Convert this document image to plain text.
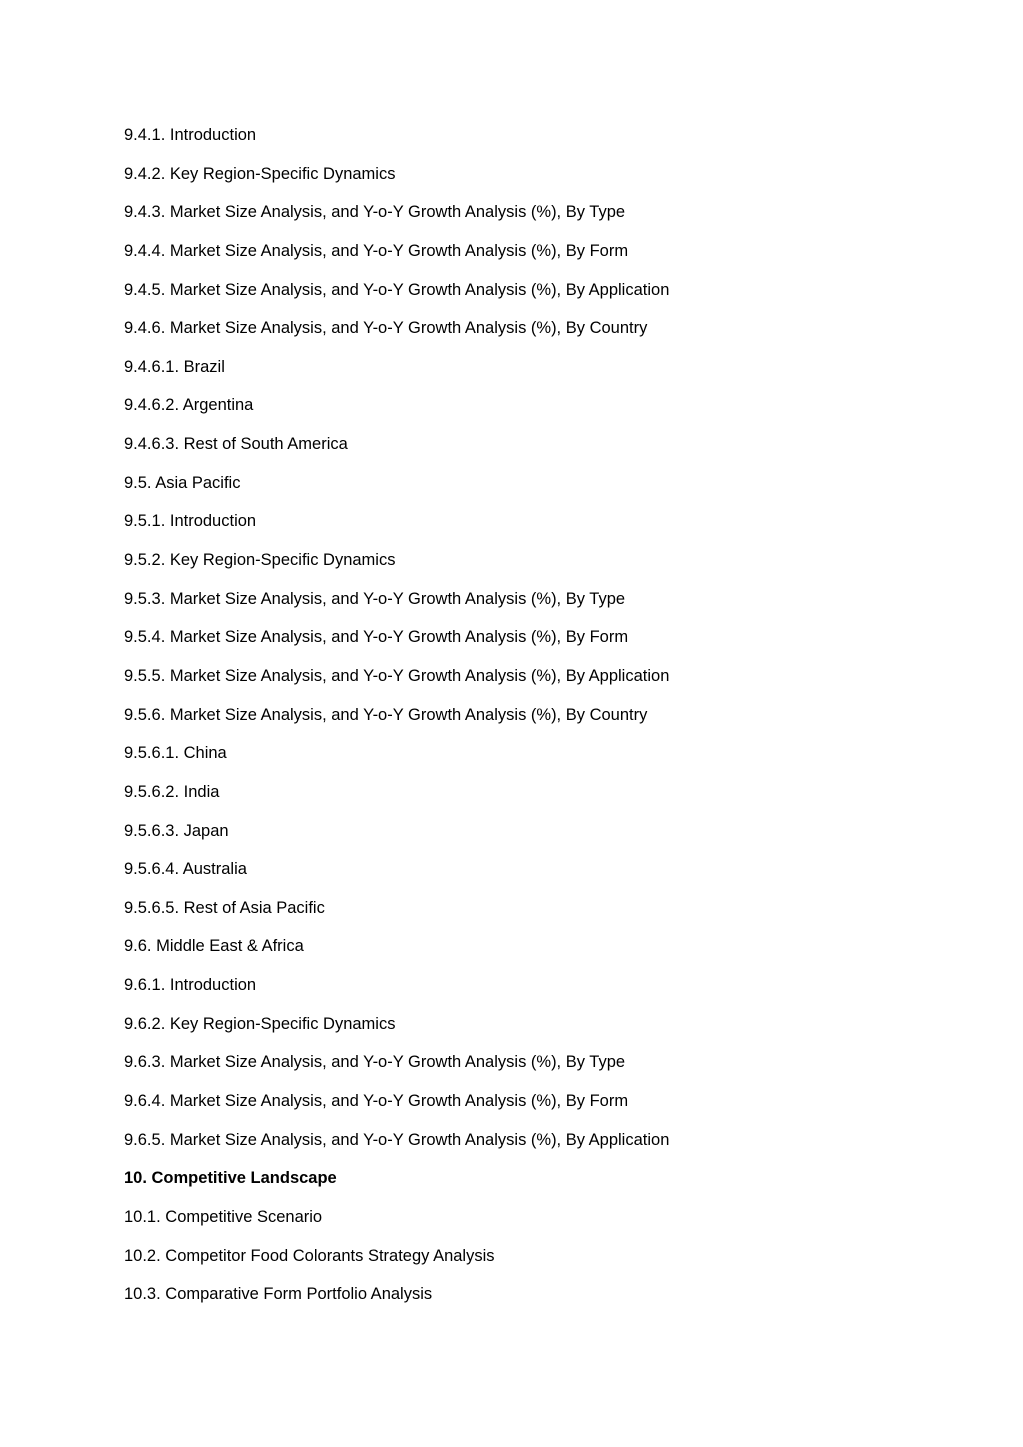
9.4.1. Introduction
9.4.2. Key Region-Specific Dynamics
9.4.3. Market Size Analysis, and Y-o-Y Growth Analysis (%), By Type
9.4.4. Market Size Analysis, and Y-o-Y Growth Analysis (%), By Form
9.4.5. Market Size Analysis, and Y-o-Y Growth Analysis (%), By Application
9.4.6. Market Size Analysis, and Y-o-Y Growth Analysis (%), By Country
9.4.6.1. Brazil
9.4.6.2. Argentina
9.4.6.3. Rest of South America
9.5. Asia Pacific
9.5.1. Introduction
9.5.2. Key Region-Specific Dynamics
9.5.3. Market Size Analysis, and Y-o-Y Growth Analysis (%), By Type
9.5.4. Market Size Analysis, and Y-o-Y Growth Analysis (%), By Form
9.5.5. Market Size Analysis, and Y-o-Y Growth Analysis (%), By Application
9.5.6. Market Size Analysis, and Y-o-Y Growth Analysis (%), By Country
9.5.6.1. China
9.5.6.2. India
9.5.6.3. Japan
9.5.6.4. Australia
9.5.6.5. Rest of Asia Pacific
9.6. Middle East & Africa
9.6.1. Introduction
9.6.2. Key Region-Specific Dynamics
9.6.3. Market Size Analysis, and Y-o-Y Growth Analysis (%), By Type
9.6.4. Market Size Analysis, and Y-o-Y Growth Analysis (%), By Form
9.6.5. Market Size Analysis, and Y-o-Y Growth Analysis (%), By Application
10. Competitive Landscape
10.1. Competitive Scenario
10.2. Competitor Food Colorants Strategy Analysis
10.3. Comparative Form Portfolio Analysis
